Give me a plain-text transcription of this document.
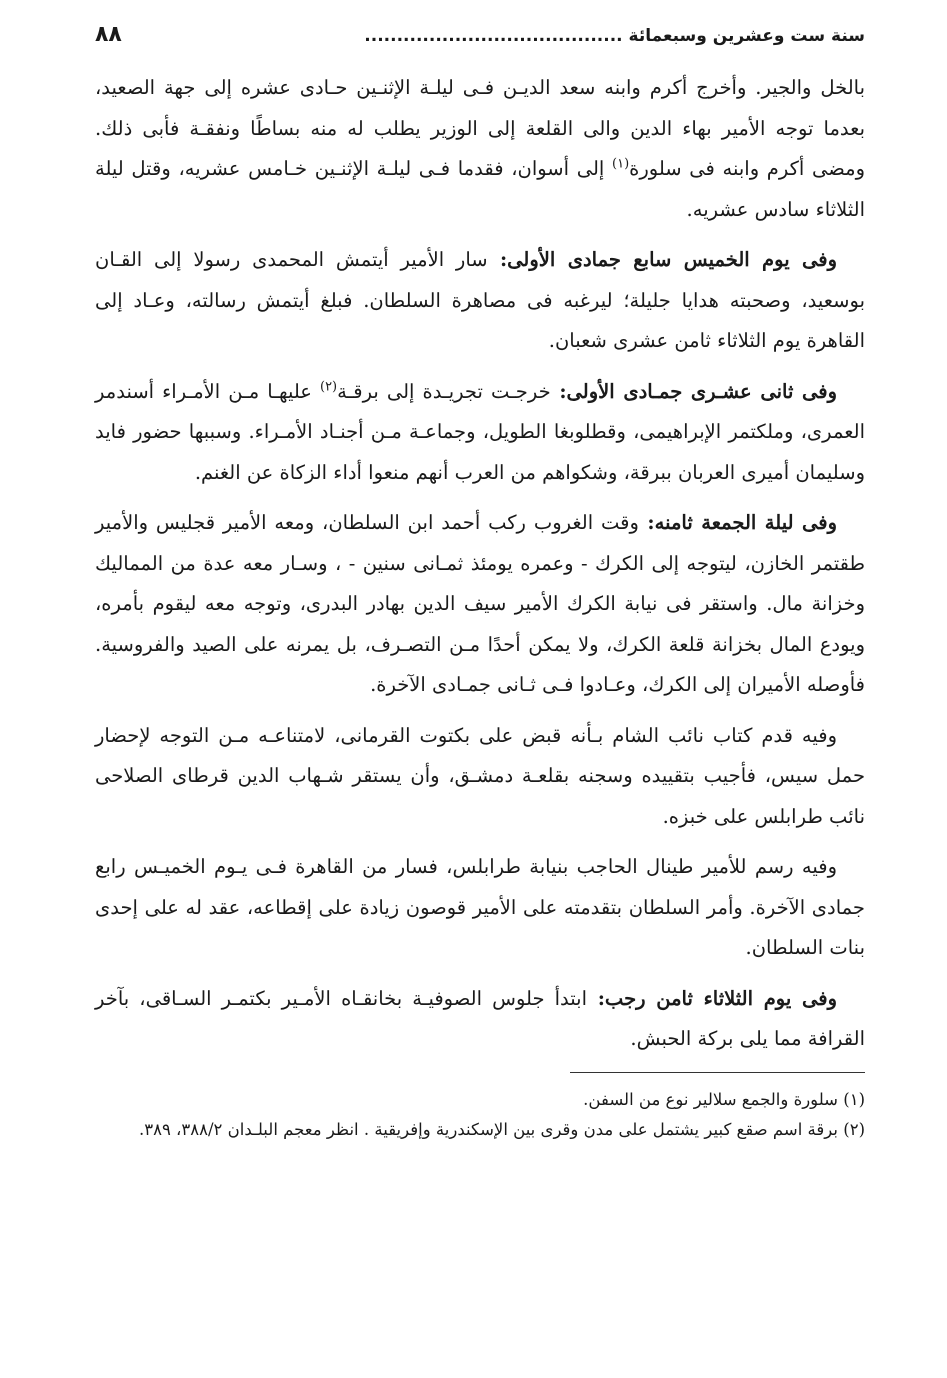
سنة ست وعشرين وسبعمائة ........................................
٨٨

بالخل والجير. وأخرج أكرم وابنه سعد الديـن فـى ليلـة الإثنـين حـادى عشره إلى جهة الصعيد، بعدما توجه الأمير بهاء الدين والى القلعة إلى الوزير يطلب له منه بساطًا ونفقـة فأبى ذلك. ومضى أكرم وابنه فى سلورة$^{(١)}$ إلى أسوان، فقدما فـى ليلـة الإثنـين خـامس عشريه، وقتل ليلة الثلاثاء سادس عشريه.

وفى يوم الخميس سابع جمادى الأولى: سار الأمير أيتمش المحمدى رسولا إلى القـان بوسعيد، وصحبته هدايا جليلة؛ ليرغبه فى مصاهرة السلطان. فبلغ أيتمش رسالته، وعـاد إلى القاهرة يوم الثلاثاء ثامن عشرى شعبان.

وفى ثانى عشـرى جمـادى الأولى: خرجـت تجريـدة إلى برقـة$^{(٢)}$ عليهـا مـن الأمـراء أسندمر العمرى، وملكتمر الإبراهيمى، وقطلوبغا الطويل، وجماعـة مـن أجنـاد الأمـراء. وسببها حضور فايد وسليمان أميرى العربان ببرقة، وشكواهم من العرب أنهم منعوا أداء الزكاة عن الغنم.

وفى ليلة الجمعة ثامنه: وقت الغروب ركب أحمد ابن السلطان، ومعه الأمير قجليس والأمير طقتمر الخازن، ليتوجه إلى الكرك - وعمره يومئذ ثمـانى سنين - ، وسـار معه عدة من المماليك وخزانة مال. واستقر فى نيابة الكرك الأمير سيف الدين بهادر البدرى، وتوجه معه ليقوم بأمره، ويودع المال بخزانة قلعة الكرك، ولا يمكن أحدًا مـن التصـرف، بل يمرنه على الصيد والفروسية. فأوصله الأميران إلى الكرك، وعـادوا فـى ثـانى جمـادى الآخرة.

وفيه قدم كتاب نائب الشام بـأنه قبض على بكتوت القرمانى، لامتناعـه مـن التوجه لإحضار حمل سيس، فأجيب بتقييده وسجنه بقلعـة دمشـق، وأن يستقر شـهاب الدين قرطاى الصلاحى نائب طرابلس على خبزه.

وفيه رسم للأمير طينال الحاجب بنيابة طرابلس، فسار من القاهرة فـى يـوم الخميـس رابع جمادى الآخرة. وأمر السلطان بتقدمته على الأمير قوصون زيادة على إقطاعه، عقد له على إحدى بنات السلطان.

وفى يوم الثلاثاء ثامن رجب: ابتدأ جلوس الصوفيـة بخانقـاه الأمـير بكتمـر السـاقى، بآخر القرافة مما يلى بركة الحبش.

(١) سلورة والجمع سلالير نوع من السفن.

(٢) برقة اسم صقع كبير يشتمل على مدن وقرى بين الإسكندرية وإفريقية . انظر معجم البلـدان ٣٨٨/٢، ٣٨٩.
